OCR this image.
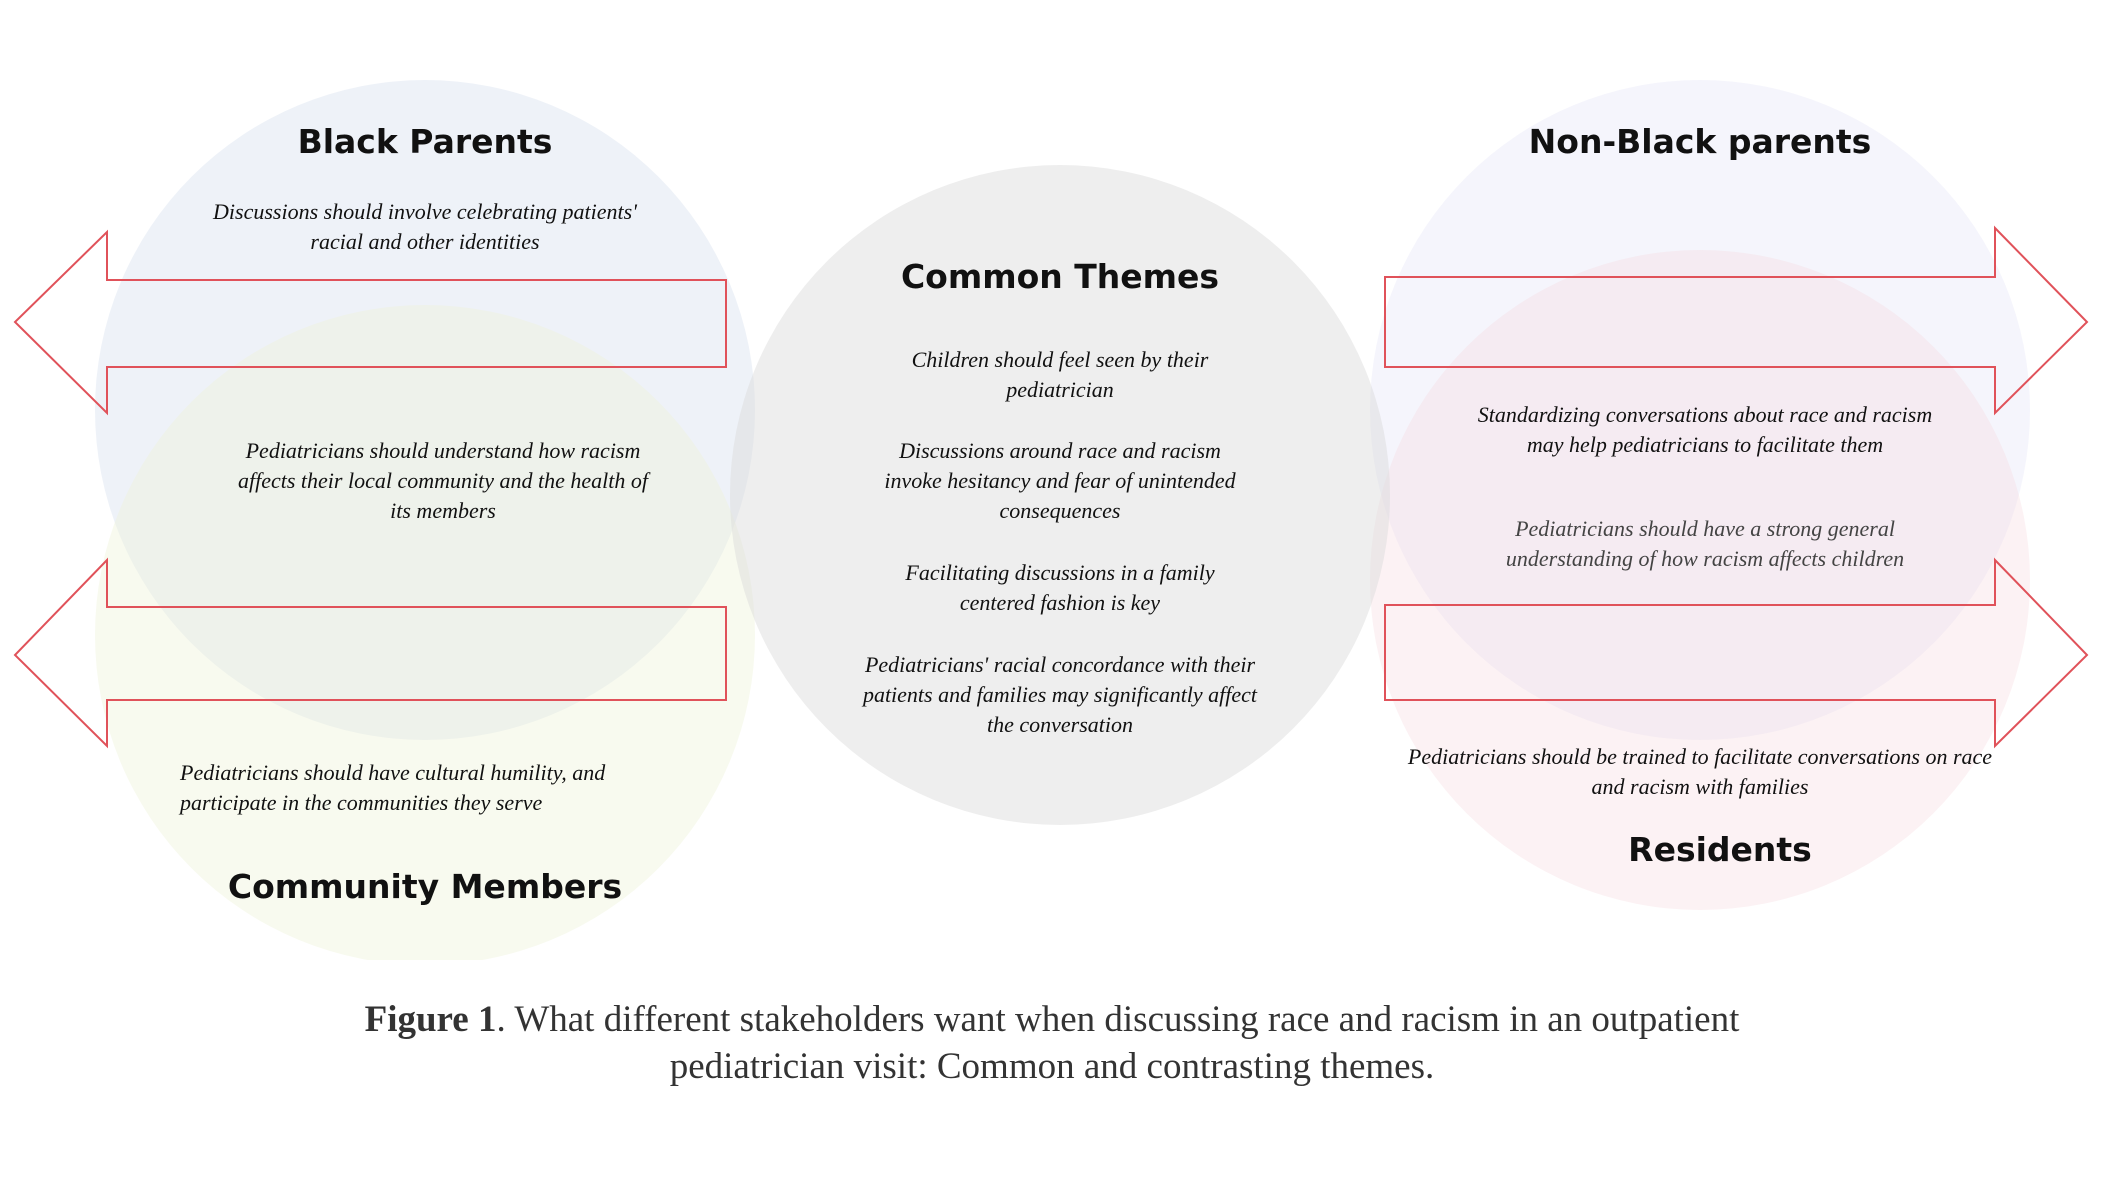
Black Parents
Discussions should involve celebrating patients' racial and other identities
Pediatricians should understand how racism affects their local community and the health of its members
Pediatricians should have cultural humility, and participate in the communities they serve
Community Members
Common Themes
Children should feel seen by their pediatrician
Discussions around race and racism invoke hesitancy and fear of unintended consequences
Facilitating discussions in a family centered fashion is key
Pediatricians' racial concordance with their patients and families may significantly affect the conversation
Non-Black parents
Standardizing conversations about race and racism may help pediatricians to facilitate them
Pediatricians should have a strong general understanding of how racism affects children
Pediatricians should be trained to facilitate conversations on race and racism with families
Residents
Figure 1. What different stakeholders want when discussing race and racism in an outpatient pediatrician visit: Common and contrasting themes.
